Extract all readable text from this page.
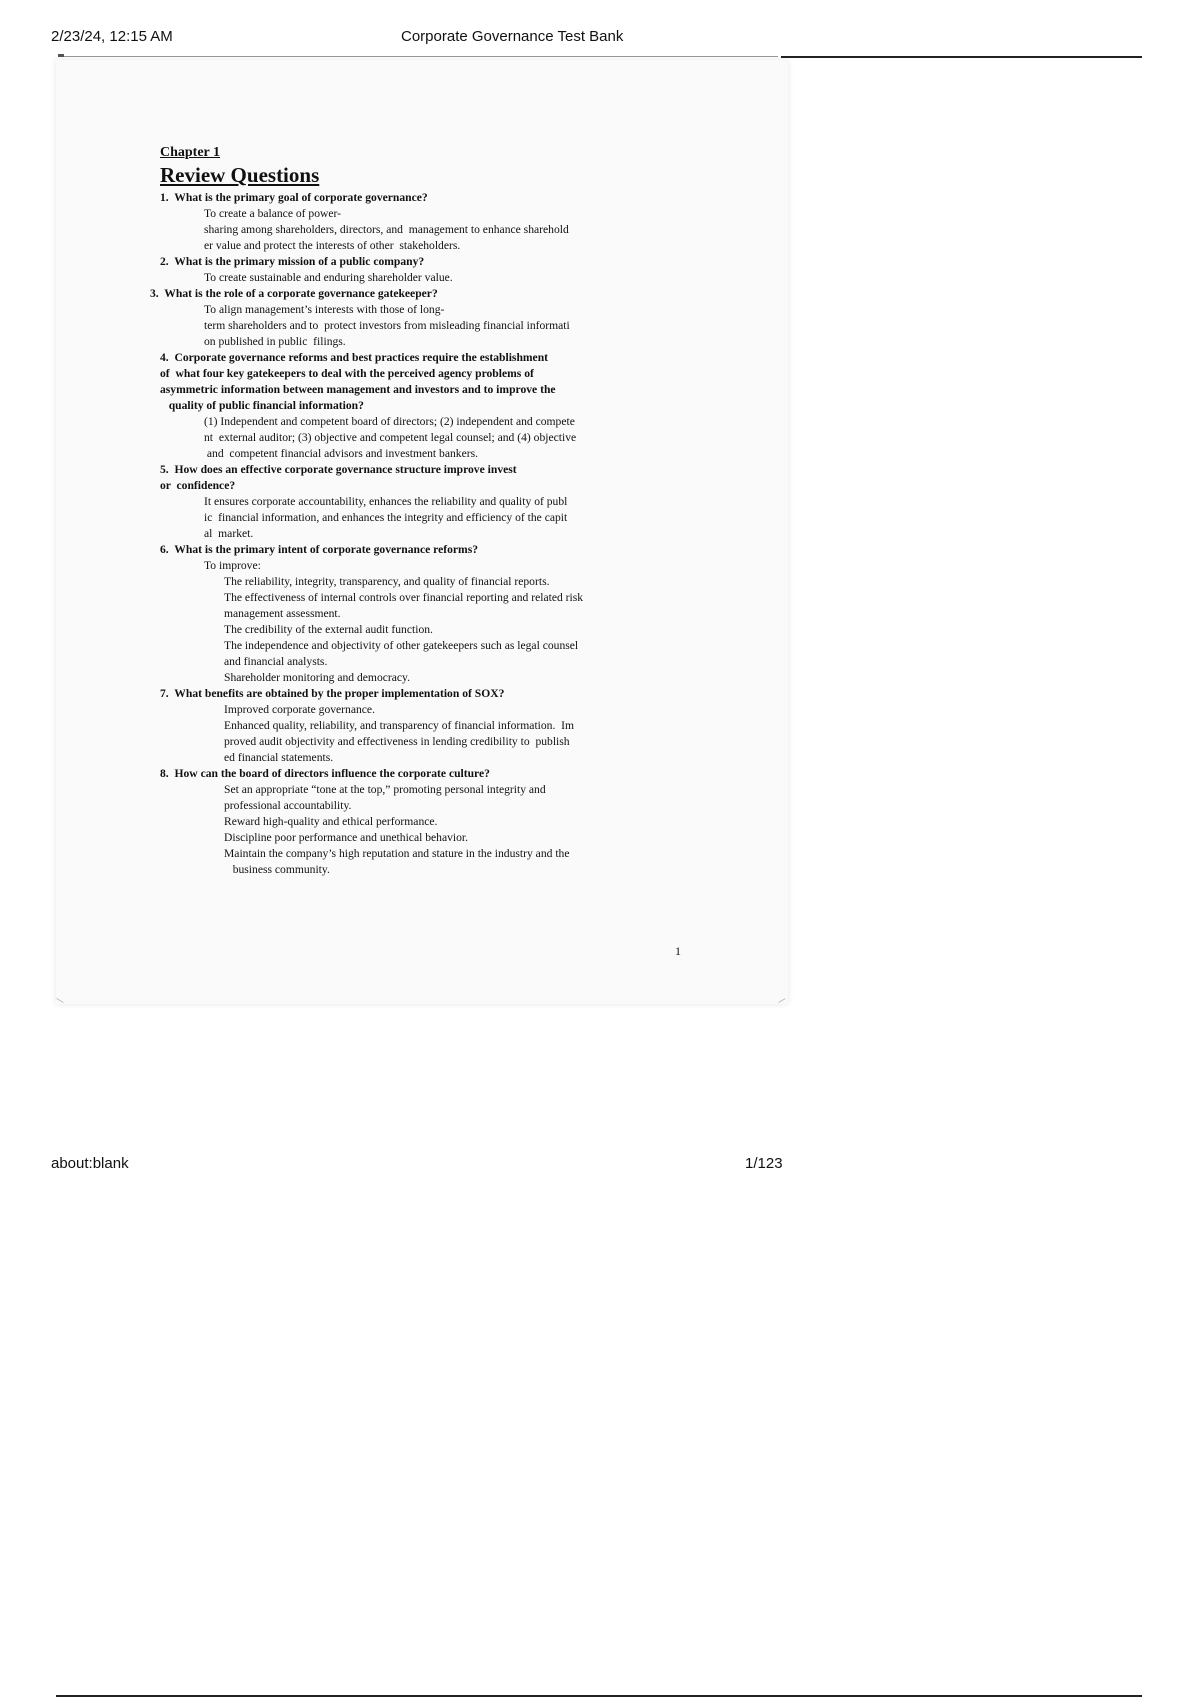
2/23/24, 12:15 AM	Corporate Governance Test Bank
Chapter 1
Review Questions
1.  What is the primary goal of corporate governance?
To create a balance of power-
sharing among shareholders, directors, and  management to enhance sharehold
er value and protect the interests of other  stakeholders.
2.  What is the primary mission of a public company?
To create sustainable and enduring shareholder value.
3.  What is the role of a corporate governance gatekeeper?
To align management’s interests with those of long-
term shareholders and to  protect investors from misleading financial informati
on published in public  filings.
4.  Corporate governance reforms and best practices require the establishment
of  what four key gatekeepers to deal with the perceived agency problems of
asymmetric information between management and investors and to improve the
quality of public financial information?
(1) Independent and competent board of directors; (2) independent and compete
nt  external auditor; (3) objective and competent legal counsel; and (4) objective
and  competent financial advisors and investment bankers.
5.  How does an effective corporate governance structure improve invest
or  confidence?
It ensures corporate accountability, enhances the reliability and quality of publ
ic  financial information, and enhances the integrity and efficiency of the capit
al  market.
6.  What is the primary intent of corporate governance reforms?
To improve:
The reliability, integrity, transparency, and quality of financial reports.
The effectiveness of internal controls over financial reporting and related risk
management assessment.
The credibility of the external audit function.
The independence and objectivity of other gatekeepers such as legal counsel
and financial analysts.
Shareholder monitoring and democracy.
7.  What benefits are obtained by the proper implementation of SOX?
Improved corporate governance.
Enhanced quality, reliability, and transparency of financial information.  Im
proved audit objectivity and effectiveness in lending credibility to  publish
ed financial statements.
8.  How can the board of directors influence the corporate culture?
Set an appropriate “tone at the top,” promoting personal integrity and
professional accountability.
Reward high-quality and ethical performance.
Discipline poor performance and unethical behavior.
Maintain the company’s high reputation and stature in the industry and the
business community.
1
about:blank	1/123
